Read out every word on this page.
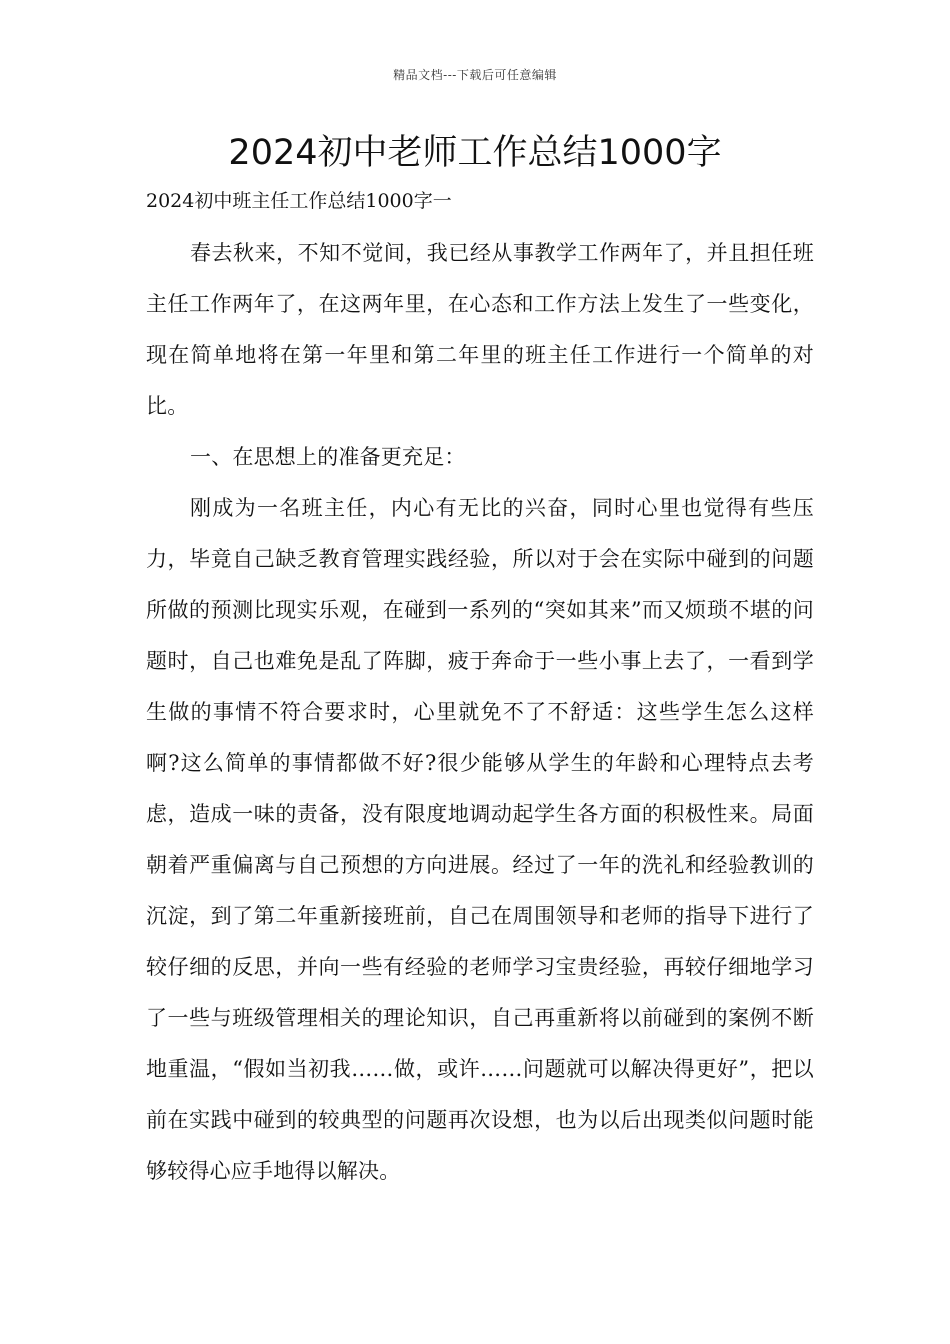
精品文档---下载后可任意编辑
2024初中老师工作总结1000字

2024初中班主任工作总结1000字一

春去秋来，不知不觉间，我已经从事教学工作两年了，并且担任班主任工作两年了，在这两年里，在心态和工作方法上发生了一些变化，现在简单地将在第一年里和第二年里的班主任工作进行一个简单的对比。

一、在思想上的准备更充足：

刚成为一名班主任，内心有无比的兴奋，同时心里也觉得有些压力，毕竟自己缺乏教育管理实践经验，所以对于会在实际中碰到的问题所做的预测比现实乐观，在碰到一系列的“突如其来”而又烦琐不堪的问题时，自己也难免是乱了阵脚，疲于奔命于一些小事上去了，一看到学生做的事情不符合要求时，心里就免不了不舒适：这些学生怎么这样啊?这么简单的事情都做不好?很少能够从学生的年龄和心理特点去考虑，造成一味的责备，没有限度地调动起学生各方面的积极性来。局面朝着严重偏离与自己预想的方向进展。经过了一年的洗礼和经验教训的沉淀，到了第二年重新接班前，自己在周围领导和老师的指导下进行了较仔细的反思，并向一些有经验的老师学习宝贵经验，再较仔细地学习了一些与班级管理相关的理论知识，自己再重新将以前碰到的案例不断地重温，“假如当初我……做，或许……问题就可以解决得更好”，把以前在实践中碰到的较典型的问题再次设想，也为以后出现类似问题时能够较得心应手地得以解决。
